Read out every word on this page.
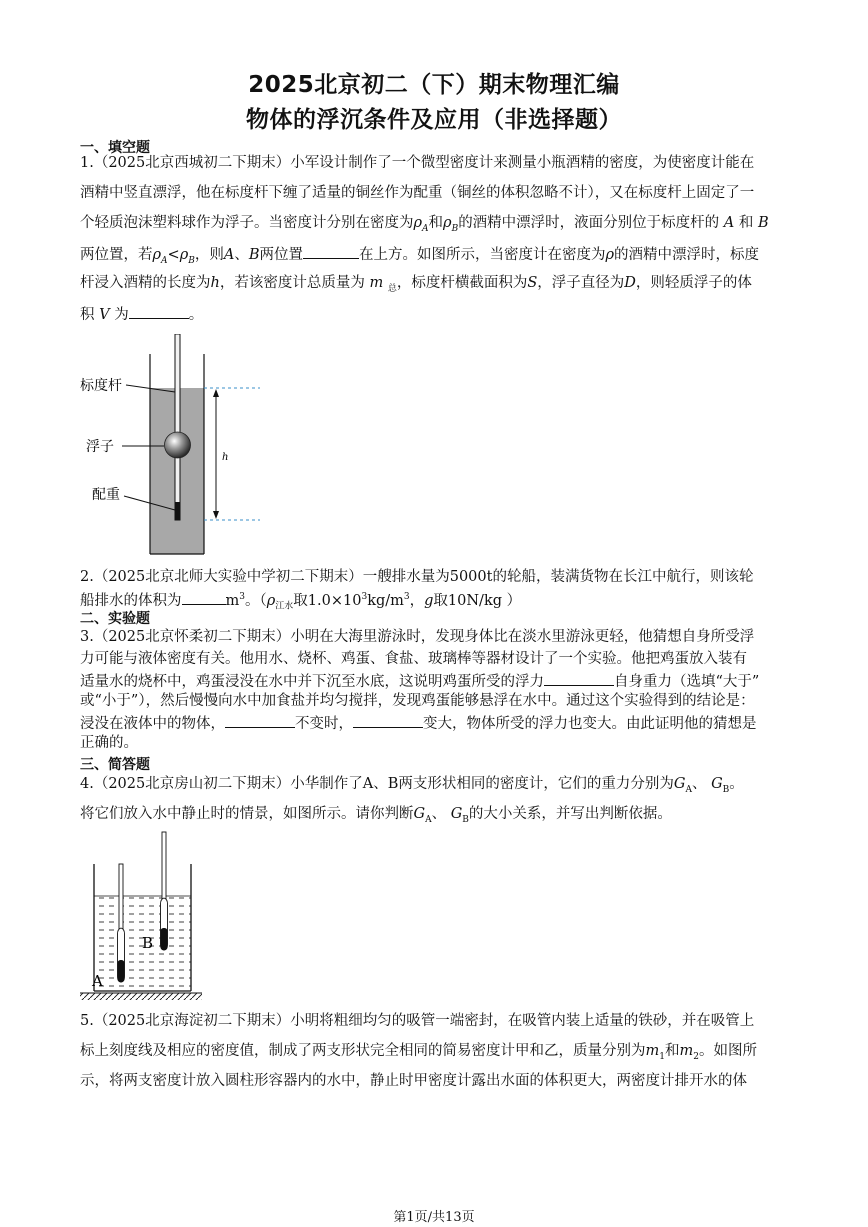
2025北京初二（下）期末物理汇编
物体的浮沉条件及应用（非选择题）
一、填空题
1.（2025北京西城初二下期末）小军设计制作了一个微型密度计来测量小瓶酒精的密度，为使密度计能在
酒精中竖直漂浮，他在标度杆下缠了适量的铜丝作为配重（铜丝的体积忽略不计），又在标度杆上固定了一
个轻质泡沫塑料球作为浮子。当密度计分别在密度为$\rho_A$和$\rho_B$的酒精中漂浮时，液面分别位于标度杆的 A 和 B
两位置，若$\rho_A<\rho_B$，则A、B两位置	在上方。如图所示，当密度计在密度为ρ的酒精中漂浮时，标度
杆浸入酒精的长度为h，若该密度计总质量为 m $_总$，标度杆横截面积为S，浮子直径为D，则轻质浮子的体
积 V 为	。
h
标度杆
浮子
配重
2.（2025北京北师大实验中学初二下期末）一艘排水量为5000t的轮船，装满货物在长江中航行，则该轮
船排水的体积为	$m^3$。（$\rho_{江水}$取$1.0\times 10^3kg/m^3$，g取10N/kg ）
二、实验题
3.（2025北京怀柔初二下期末）小明在大海里游泳时，发现身体比在淡水里游泳更轻，他猜想自身所受浮
力可能与液体密度有关。他用水、烧杯、鸡蛋、食盐、玻璃棒等器材设计了一个实验。他把鸡蛋放入装有
适量水的烧杯中，鸡蛋浸没在水中并下沉至水底，这说明鸡蛋所受的浮力	自身重力（选填“大于”
或“小于”），然后慢慢向水中加食盐并均匀搅拌，发现鸡蛋能够悬浮在水中。通过这个实验得到的结论是：
浸没在液体中的物体，	不变时，	变大，物体所受的浮力也变大。由此证明他的猜想是
正确的。
三、简答题
4.（2025北京房山初二下期末）小华制作了A、B两支形状相同的密度计，它们的重力分别为$G_A$、 $G_B$。
将它们放入水中静止时的情景，如图所示。请你判断$G_A$、 $G_B$的大小关系，并写出判断依据。
A
B
5.（2025北京海淀初二下期末）小明将粗细均匀的吸管一端密封，在吸管内装上适量的铁砂，并在吸管上
标上刻度线及相应的密度值，制成了两支形状完全相同的简易密度计甲和乙，质量分别为$m_1$和$m_2$。如图所
示，将两支密度计放入圆柱形容器内的水中，静止时甲密度计露出水面的体积更大，两密度计排开水的体
第1页/共13页
